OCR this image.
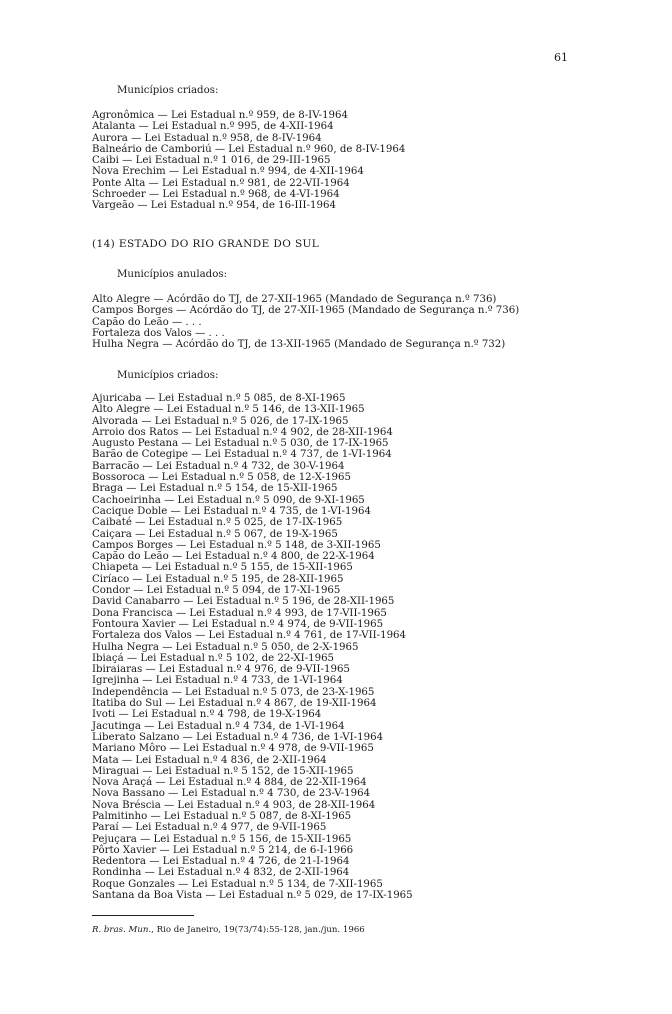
61
Municípios criados:
Agronômica — Lei Estadual n.º 959, de 8-IV-1964
Atalanta — Lei Estadual n.º 995, de 4-XII-1964
Aurora — Lei Estadual n.º 958, de 8-IV-1964
Balneário de Camboriú — Lei Estadual n.º 960, de 8-IV-1964
Caibi — Lei Estadual n.º 1 016, de 29-III-1965
Nova Erechim — Lei Estadual n.º 994, de 4-XII-1964
Ponte Alta — Lei Estadual n.º 981, de 22-VII-1964
Schroeder — Lei Estadual n.º 968, de 4-VI-1964
Vargeão — Lei Estadual n.º 954, de 16-III-1964
(14) ESTADO DO RIO GRANDE DO SUL
Municípios anulados:
Alto Alegre — Acórdão do TJ, de 27-XII-1965 (Mandado de Segurança n.º 736)
Campos Borges — Acórdão do TJ, de 27-XII-1965 (Mandado de Segurança n.º 736)
Capão do Leão — . . .
Fortaleza dos Valos — . . .
Hulha Negra — Acórdão do TJ, de 13-XII-1965 (Mandado de Segurança n.º 732)
Municípios criados:
Ajuricaba — Lei Estadual n.º 5 085, de 8-XI-1965
Alto Alegre — Lei Estadual n.º 5 146, de 13-XII-1965
Alvorada — Lei Estadual n.º 5 026, de 17-IX-1965
Arroio dos Ratos — Lei Estadual n.º 4 902, de 28-XII-1964
Augusto Pestana — Lei Estadual n.º 5 030, de 17-IX-1965
Barão de Cotegipe — Lei Estadual n.º 4 737, de 1-VI-1964
Barracão — Lei Estadual n.º 4 732, de 30-V-1964
Bossoroca — Lei Estadual n.º 5 058, de 12-X-1965
Braga — Lei Estadual n.º 5 154, de 15-XII-1965
Cachoeirinha — Lei Estadual n.º 5 090, de 9-XI-1965
Cacique Doble — Lei Estadual n.º 4 735, de 1-VI-1964
Caibaté — Lei Estadual n.º 5 025, de 17-IX-1965
Caiçara — Lei Estadual n.º 5 067, de 19-X-1965
Campos Borges — Lei Estadual n.º 5 148, de 3-XII-1965
Capão do Leão — Lei Estadual n.º 4 800, de 22-X-1964
Chiapeta — Lei Estadual n.º 5 155, de 15-XII-1965
Ciríaco — Lei Estadual n.º 5 195, de 28-XII-1965
Condor — Lei Estadual n.º 5 094, de 17-XI-1965
David Canabarro — Lei Estadual n.º 5 196, de 28-XII-1965
Dona Francisca — Lei Estadual n.º 4 993, de 17-VII-1965
Fontoura Xavier — Lei Estadual n.º 4 974, de 9-VII-1965
Fortaleza dos Valos — Lei Estadual n.º 4 761, de 17-VII-1964
Hulha Negra — Lei Estadual n.º 5 050, de 2-X-1965
Ibiaçá — Lei Estadual n.º 5 102, de 22-XI-1965
Ibiraiaras — Lei Estadual n.º 4 976, de 9-VII-1965
Igrejinha — Lei Estadual n.º 4 733, de 1-VI-1964
Independência — Lei Estadual n.º 5 073, de 23-X-1965
Itatiba do Sul — Lei Estadual n.º 4 867, de 19-XII-1964
Ivoti — Lei Estadual n.º 4 798, de 19-X-1964
Jacutinga — Lei Estadual n.º 4 734, de 1-VI-1964
Liberato Salzano — Lei Estadual n.º 4 736, de 1-VI-1964
Mariano Môro — Lei Estadual n.º 4 978, de 9-VII-1965
Mata — Lei Estadual n.º 4 836, de 2-XII-1964
Miraguai — Lei Estadual n.º 5 152, de 15-XII-1965
Nova Araçá — Lei Estadual n.º 4 884, de 22-XII-1964
Nova Bassano — Lei Estadual n.º 4 730, de 23-V-1964
Nova Bréscia — Lei Estadual n.º 4 903, de 28-XII-1964
Palmitinho — Lei Estadual n.º 5 087, de 8-XI-1965
Paraí — Lei Estadual n.º 4 977, de 9-VII-1965
Pejuçara — Lei Estadual n.º 5 156, de 15-XII-1965
Pôrto Xavier — Lei Estadual n.º 5 214, de 6-I-1966
Redentora — Lei Estadual n.º 4 726, de 21-I-1964
Rondinha — Lei Estadual n.º 4 832, de 2-XII-1964
Roque Gonzales — Lei Estadual n.º 5 134, de 7-XII-1965
Santana da Boa Vista — Lei Estadual n.º 5 029, de 17-IX-1965
R. bras. Mun., Rio de Janeiro, 19(73/74):55-128, jan./jun. 1966
